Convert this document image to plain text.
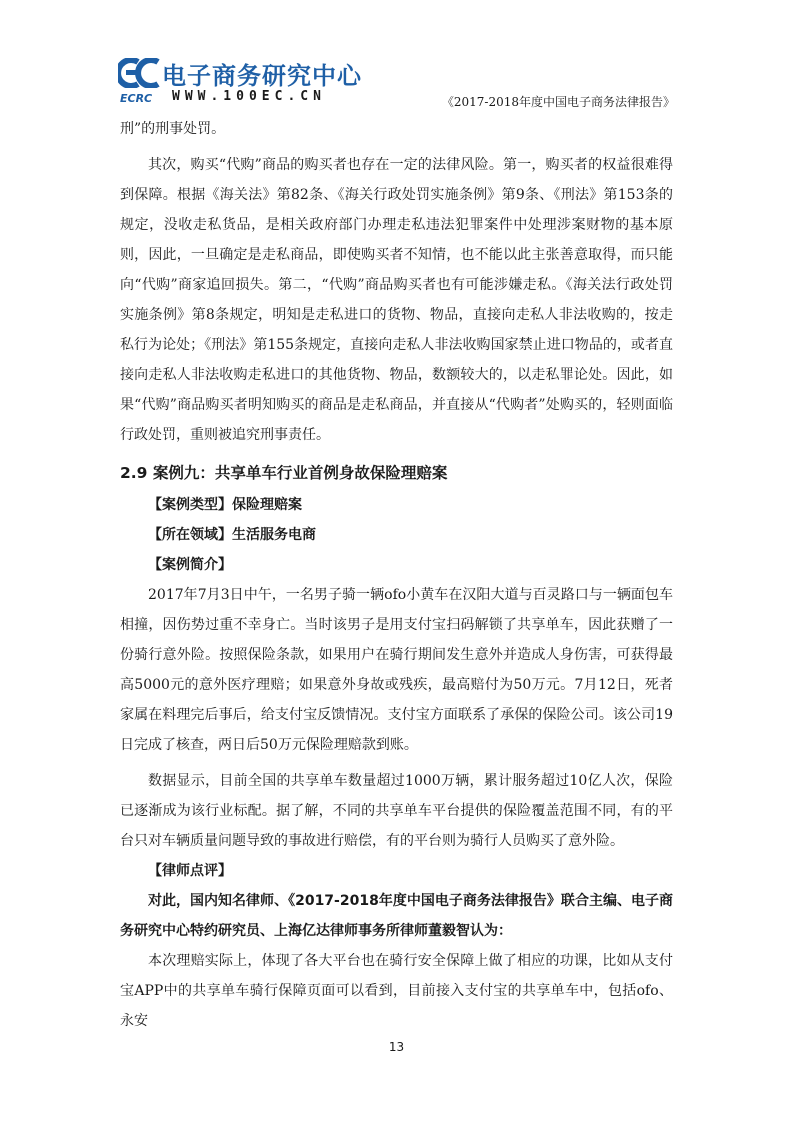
电子商务研究中心
ECRC WWW.100EC.CN	《2017-2018年度中国电子商务法律报告》

刑”的刑事处罚。

其次，购买“代购”商品的购买者也存在一定的法律风险。第一，购买者的权益很难得到保障。根据《海关法》第82条、《海关行政处罚实施条例》第9条、《刑法》第153条的规定，没收走私货品，是相关政府部门办理走私违法犯罪案件中处理涉案财物的基本原则，因此，一旦确定是走私商品，即使购买者不知情，也不能以此主张善意取得，而只能向“代购”商家追回损失。第二，“代购”商品购买者也有可能涉嫌走私。《海关法行政处罚实施条例》第8条规定，明知是走私进口的货物、物品，直接向走私人非法收购的，按走私行为论处；《刑法》第155条规定，直接向走私人非法收购国家禁止进口物品的，或者直接向走私人非法收购走私进口的其他货物、物品，数额较大的，以走私罪论处。因此，如果“代购”商品购买者明知购买的商品是走私商品，并直接从“代购者”处购买的，轻则面临行政处罚，重则被追究刑事责任。

2.9 案例九：共享单车行业首例身故保险理赔案

【案例类型】保险理赔案

【所在领域】生活服务电商

【案例简介】

2017年7月3日中午，一名男子骑一辆ofo小黄车在汉阳大道与百灵路口与一辆面包车相撞，因伤势过重不幸身亡。当时该男子是用支付宝扫码解锁了共享单车，因此获赠了一份骑行意外险。按照保险条款，如果用户在骑行期间发生意外并造成人身伤害，可获得最高5000元的意外医疗理赔；如果意外身故或残疾，最高赔付为50万元。7月12日，死者家属在料理完后事后，给支付宝反馈情况。支付宝方面联系了承保的保险公司。该公司19日完成了核查，两日后50万元保险理赔款到账。

数据显示，目前全国的共享单车数量超过1000万辆，累计服务超过10亿人次，保险已逐渐成为该行业标配。据了解，不同的共享单车平台提供的保险覆盖范围不同，有的平台只对车辆质量问题导致的事故进行赔偿，有的平台则为骑行人员购买了意外险。

【律师点评】

对此，国内知名律师、《2017-2018年度中国电子商务法律报告》联合主编、电子商务研究中心特约研究员、上海亿达律师事务所律师董毅智认为：

本次理赔实际上，体现了各大平台也在骑行安全保障上做了相应的功课，比如从支付宝APP中的共享单车骑行保障页面可以看到，目前接入支付宝的共享单车中，包括ofo、永安

13
